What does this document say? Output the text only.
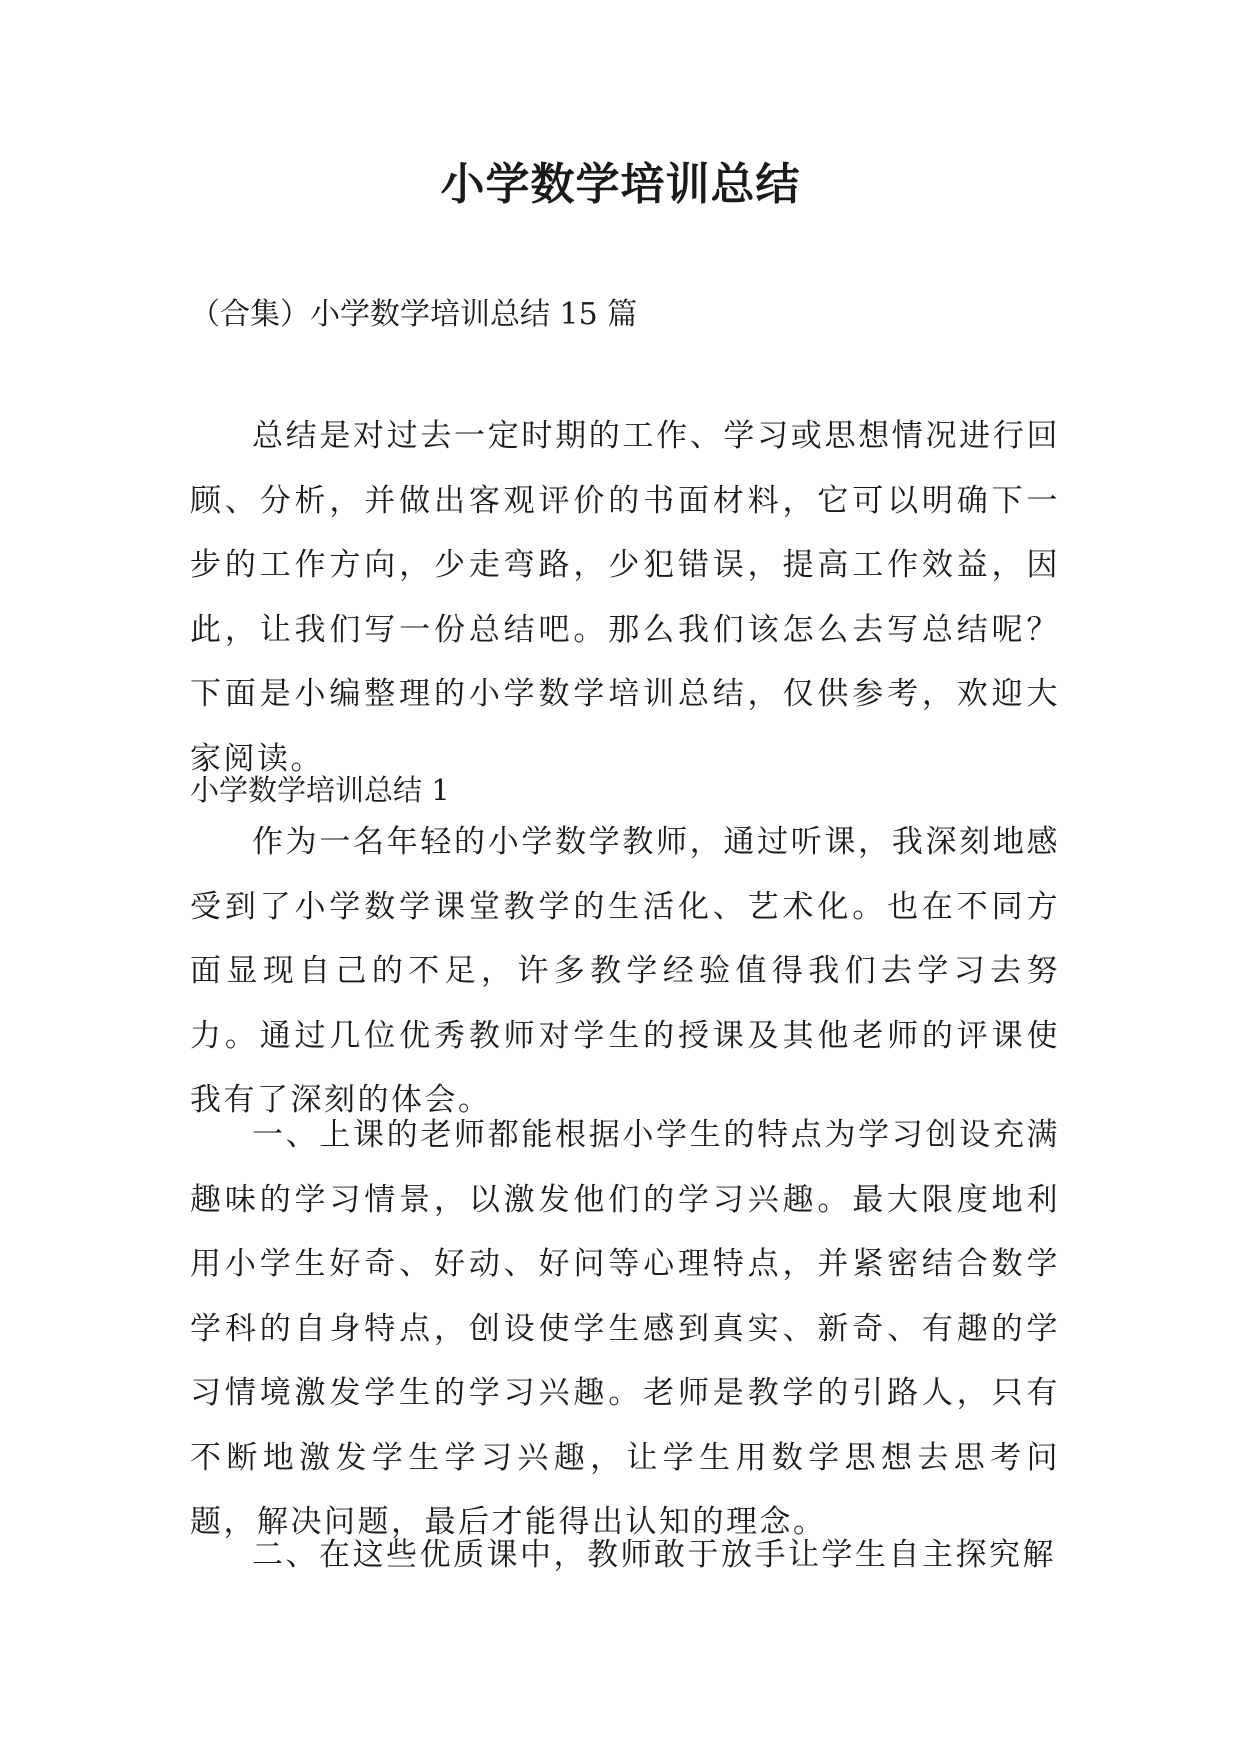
小学数学培训总结

（合集）小学数学培训总结 15 篇

总结是对过去一定时期的工作、学习或思想情况进行回顾、分析，并做出客观评价的书面材料，它可以明确下一步的工作方向，少走弯路，少犯错误，提高工作效益，因此，让我们写一份总结吧。那么我们该怎么去写总结呢？下面是小编整理的小学数学培训总结，仅供参考，欢迎大家阅读。

小学数学培训总结 1

作为一名年轻的小学数学教师，通过听课，我深刻地感受到了小学数学课堂教学的生活化、艺术化。也在不同方面显现自己的不足，许多教学经验值得我们去学习去努力。通过几位优秀教师对学生的授课及其他老师的评课使我有了深刻的体会。

一、上课的老师都能根据小学生的特点为学习创设充满趣味的学习情景，以激发他们的学习兴趣。最大限度地利用小学生好奇、好动、好问等心理特点，并紧密结合数学学科的自身特点，创设使学生感到真实、新奇、有趣的学习情境激发学生的学习兴趣。老师是教学的引路人，只有不断地激发学生学习兴趣，让学生用数学思想去思考问题，解决问题，最后才能得出认知的理念。

二、在这些优质课中，教师敢于放手让学生自主探究解
